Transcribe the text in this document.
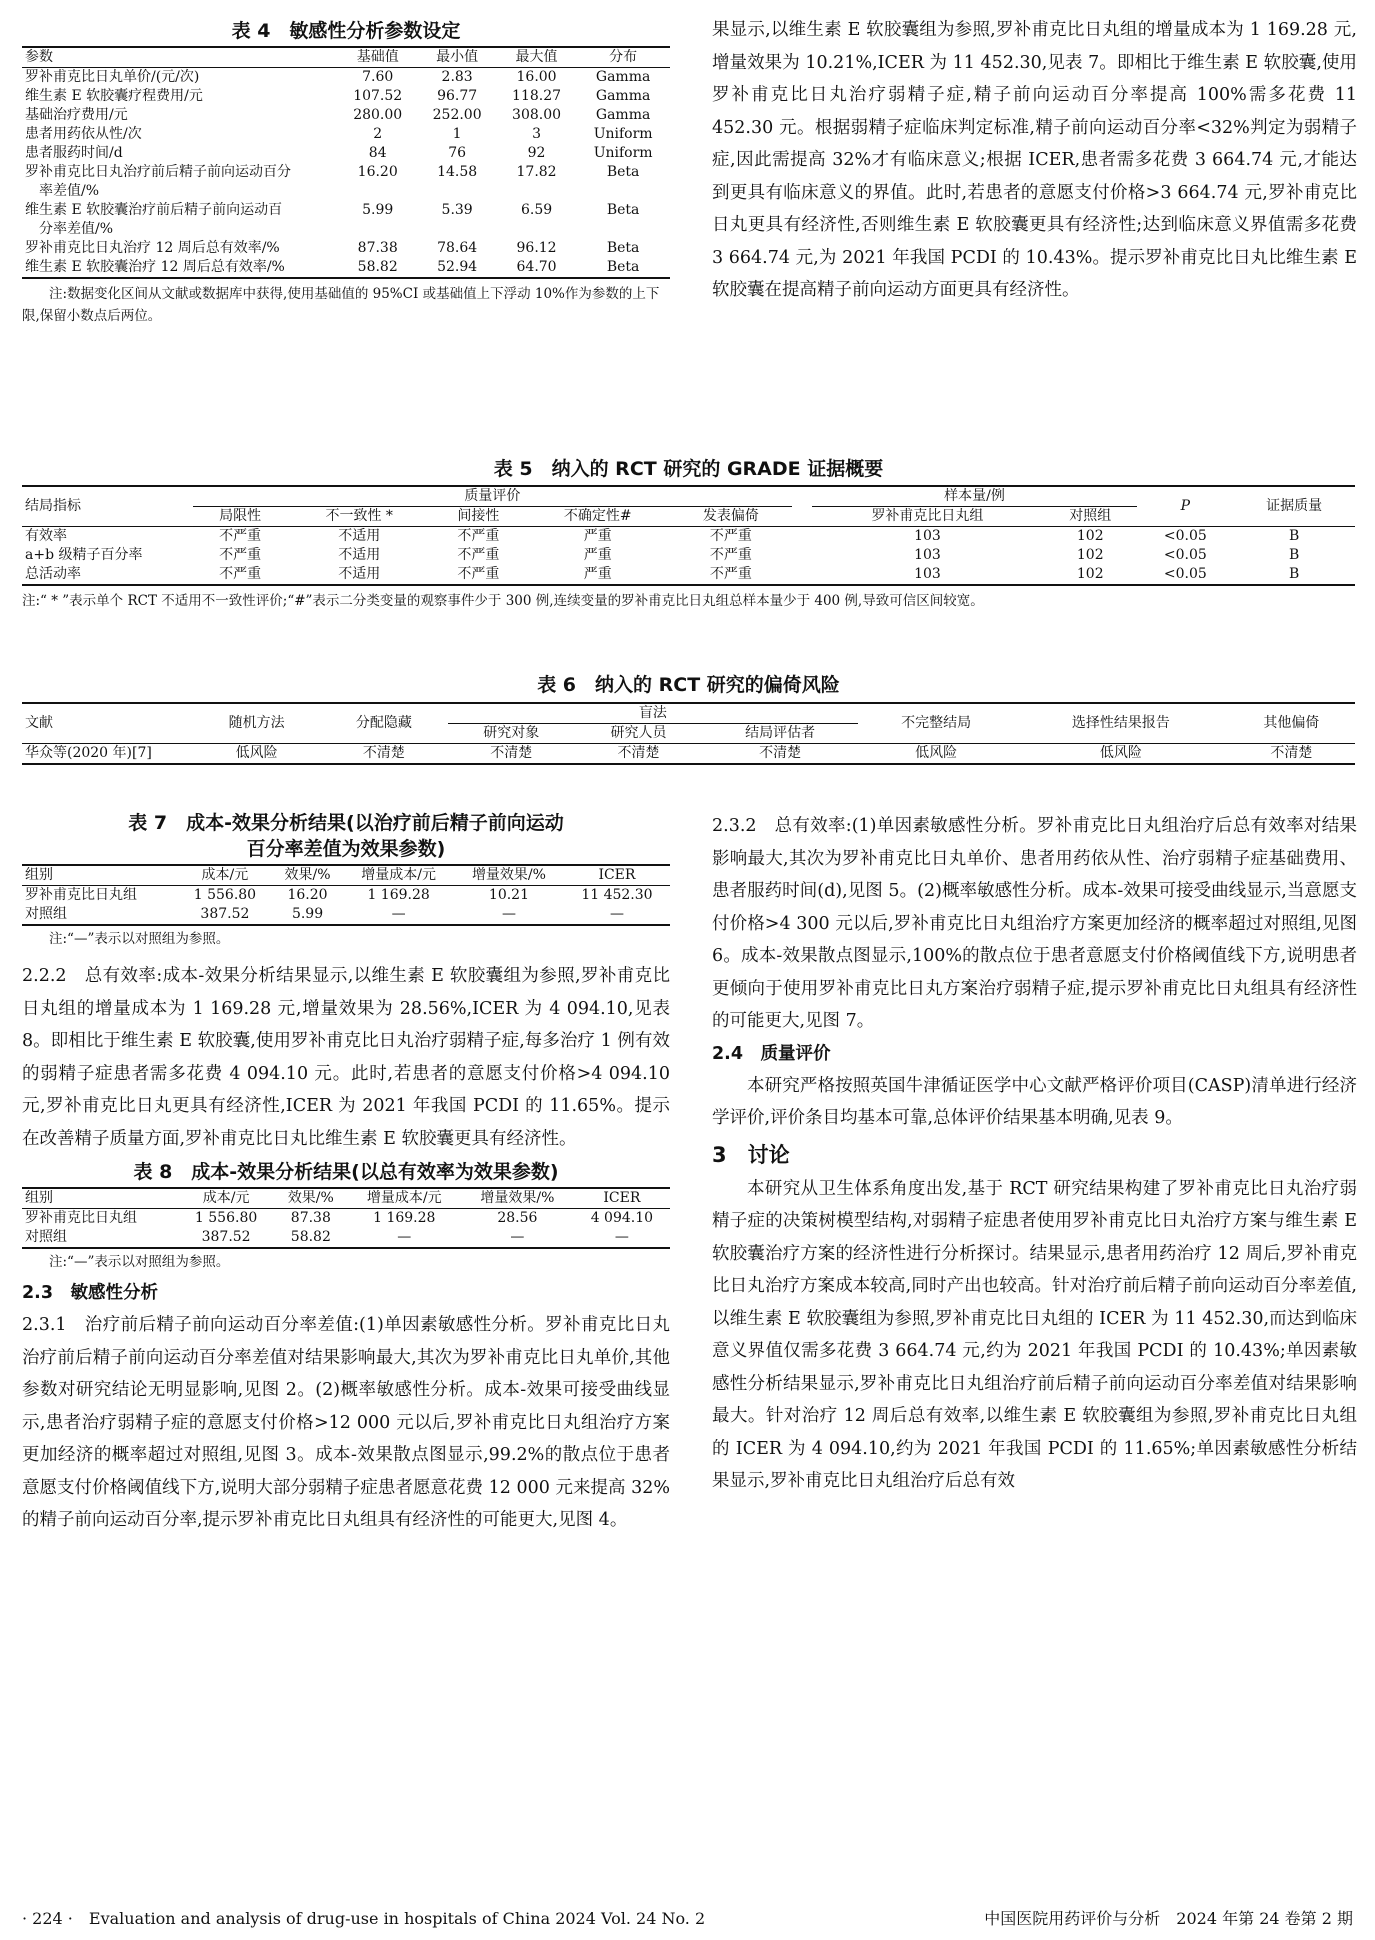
表 4　敏感性分析参数设定
参数	基础值	最小值	最大值	分布
罗补甫克比日丸单价/(元/次)	7.60	2.83	16.00	Gamma
维生素 E 软胶囊疗程费用/元	107.52	96.77	118.27	Gamma
基础治疗费用/元	280.00	252.00	308.00	Gamma
患者用药依从性/次	2	1	3	Uniform
患者服药时间/d	84	76	92	Uniform

罗补甫克比日丸治疗前后精子前向运动百分
率差值/%	16.20	14.58	17.82	Beta

维生素 E 软胶囊治疗前后精子前向运动百
分率差值/%	5.99	5.39	6.59	Beta
罗补甫克比日丸治疗 12 周后总有效率/%	87.38	78.64	96.12	Beta
维生素 E 软胶囊治疗 12 周后总有效率/%	58.82	52.94	64.70	Beta
注:数据变化区间从文献或数据库中获得,使用基础值的 95%CI 或基础值上下浮动 10%作为参数的上下限,保留小数点后两位。

果显示,以维生素 E 软胶囊组为参照,罗补甫克比日丸组的增量成本为 1 169.28 元,增量效果为 10.21%,ICER 为 11 452.30,见表 7。即相比于维生素 E 软胶囊,使用罗补甫克比日丸治疗弱精子症,精子前向运动百分率提高 100%需多花费 11 452.30 元。根据弱精子症临床判定标准,精子前向运动百分率<32%判定为弱精子症,因此需提高 32%才有临床意义;根据 ICER,患者需多花费 3 664.74 元,才能达到更具有临床意义的界值。此时,若患者的意愿支付价格>3 664.74 元,罗补甫克比日丸更具有经济性,否则维生素 E 软胶囊更具有经济性;达到临床意义界值需多花费 3 664.74 元,为 2021 年我国 PCDI 的 10.43%。提示罗补甫克比日丸比维生素 E 软胶囊在提高精子前向运动方面更具有经济性。

表 5　纳入的 RCT 研究的 GRADE 证据概要
结局指标	质量评价						样本量/例		P	证据质量
	局限性	不一致性 *	间接性	不确定性#	发表偏倚		罗补甫克比日丸组	对照组		
有效率	不严重	不适用	不严重	严重	不严重		103	102	<0.05	B
a+b 级精子百分率	不严重	不适用	不严重	严重	不严重		103	102	<0.05	B
总活动率	不严重	不适用	不严重	严重	不严重		103	102	<0.05	B
注:“ * ”表示单个 RCT 不适用不一致性评价;“#”表示二分类变量的观察事件少于 300 例,连续变量的罗补甫克比日丸组总样本量少于 400 例,导致可信区间较宽。
表 6　纳入的 RCT 研究的偏倚风险
文献	随机方法	分配隐藏	盲法			不完整结局	选择性结果报告	其他偏倚
			研究对象	研究人员	结局评估者			
华众等(2020 年)[7]	低风险	不清楚	不清楚	不清楚	不清楚	低风险	低风险	不清楚
表 7　成本-效果分析结果(以治疗前后精子前向运动
百分率差值为效果参数)
组别	成本/元	效果/%	增量成本/元	增量效果/%	ICER
罗补甫克比日丸组	1 556.80	16.20	1 169.28	10.21	11 452.30
对照组	387.52	5.99	—	—	—
注:“—”表示以对照组为参照。

2.2.2　总有效率:成本-效果分析结果显示,以维生素 E 软胶囊组为参照,罗补甫克比日丸组的增量成本为 1 169.28 元,增量效果为 28.56%,ICER 为 4 094.10,见表 8。即相比于维生素 E 软胶囊,使用罗补甫克比日丸治疗弱精子症,每多治疗 1 例有效的弱精子症患者需多花费 4 094.10 元。此时,若患者的意愿支付价格>4 094.10 元,罗补甫克比日丸更具有经济性,ICER 为 2021 年我国 PCDI 的 11.65%。提示在改善精子质量方面,罗补甫克比日丸比维生素 E 软胶囊更具有经济性。

表 8　成本-效果分析结果(以总有效率为效果参数)
组别	成本/元	效果/%	增量成本/元	增量效果/%	ICER
罗补甫克比日丸组	1 556.80	87.38	1 169.28	28.56	4 094.10
对照组	387.52	58.82	—	—	—
注:“—”表示以对照组为参照。
2.3　敏感性分析

2.3.1　治疗前后精子前向运动百分率差值:(1)单因素敏感性分析。罗补甫克比日丸治疗前后精子前向运动百分率差值对结果影响最大,其次为罗补甫克比日丸单价,其他参数对研究结论无明显影响,见图 2。(2)概率敏感性分析。成本-效果可接受曲线显示,患者治疗弱精子症的意愿支付价格>12 000 元以后,罗补甫克比日丸组治疗方案更加经济的概率超过对照组,见图 3。成本-效果散点图显示,99.2%的散点位于患者意愿支付价格阈值线下方,说明大部分弱精子症患者愿意花费 12 000 元来提高 32%的精子前向运动百分率,提示罗补甫克比日丸组具有经济性的可能更大,见图 4。

2.3.2　总有效率:(1)单因素敏感性分析。罗补甫克比日丸组治疗后总有效率对结果影响最大,其次为罗补甫克比日丸单价、患者用药依从性、治疗弱精子症基础费用、患者服药时间(d),见图 5。(2)概率敏感性分析。成本-效果可接受曲线显示,当意愿支付价格>4 300 元以后,罗补甫克比日丸组治疗方案更加经济的概率超过对照组,见图 6。成本-效果散点图显示,100%的散点位于患者意愿支付价格阈值线下方,说明患者更倾向于使用罗补甫克比日丸方案治疗弱精子症,提示罗补甫克比日丸组具有经济性的可能更大,见图 7。

2.4　质量评价

本研究严格按照英国牛津循证医学中心文献严格评价项目(CASP)清单进行经济学评价,评价条目均基本可靠,总体评价结果基本明确,见表 9。

3　讨论

本研究从卫生体系角度出发,基于 RCT 研究结果构建了罗补甫克比日丸治疗弱精子症的决策树模型结构,对弱精子症患者使用罗补甫克比日丸治疗方案与维生素 E 软胶囊治疗方案的经济性进行分析探讨。结果显示,患者用药治疗 12 周后,罗补甫克比日丸治疗方案成本较高,同时产出也较高。针对治疗前后精子前向运动百分率差值,以维生素 E 软胶囊组为参照,罗补甫克比日丸组的 ICER 为 11 452.30,而达到临床意义界值仅需多花费 3 664.74 元,约为 2021 年我国 PCDI 的 10.43%;单因素敏感性分析结果显示,罗补甫克比日丸组治疗前后精子前向运动百分率差值对结果影响最大。针对治疗 12 周后总有效率,以维生素 E 软胶囊组为参照,罗补甫克比日丸组的 ICER 为 4 094.10,约为 2021 年我国 PCDI 的 11.65%;单因素敏感性分析结果显示,罗补甫克比日丸组治疗后总有效

· 224 ·　Evaluation and analysis of drug-use in hospitals of China 2024 Vol. 24 No. 2	中国医院用药评价与分析　2024 年第 24 卷第 2 期
